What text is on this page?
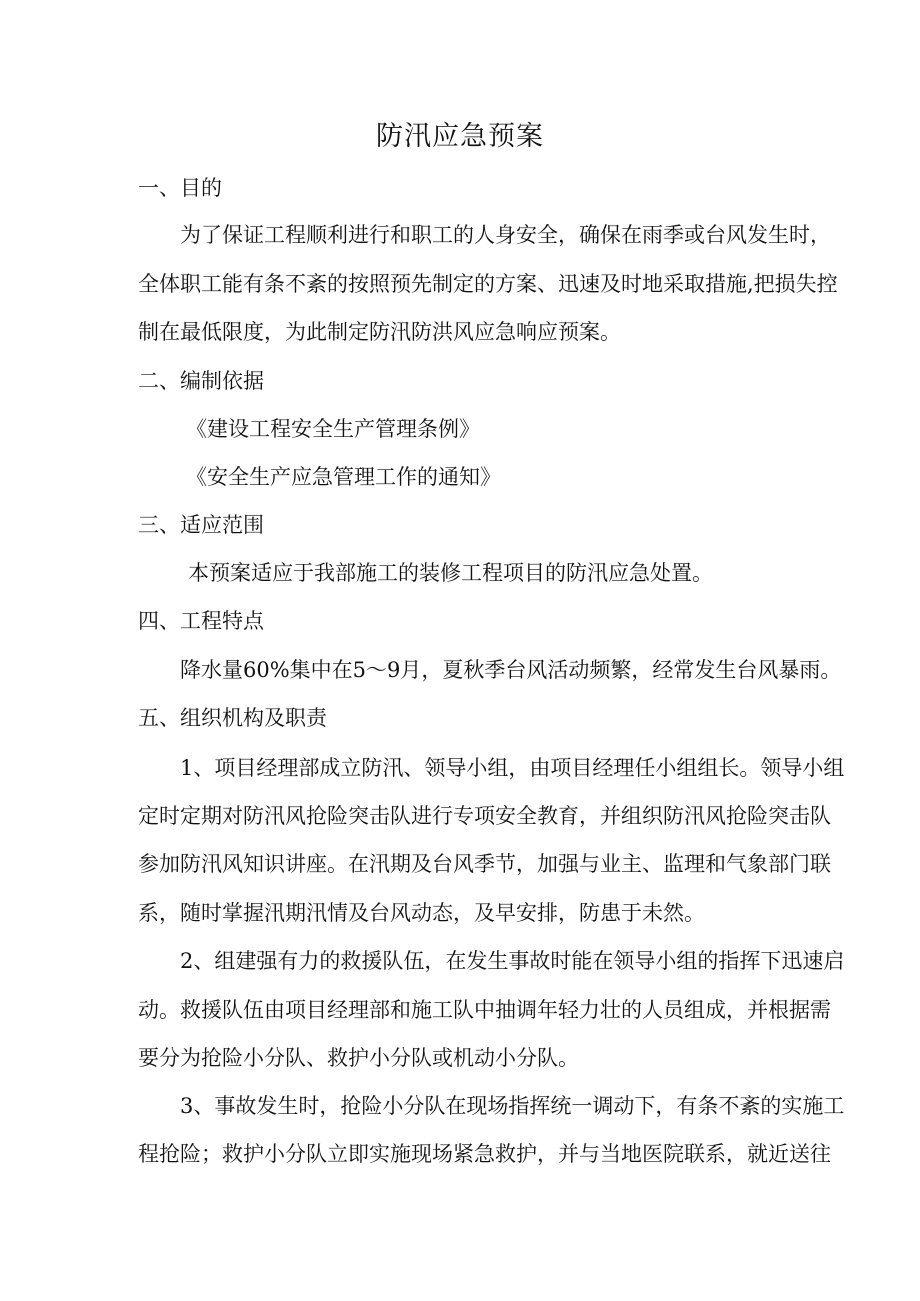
防汛应急预案
一、目的
为了保证工程顺利进行和职工的人身安全，确保在雨季或台风发生时，
全体职工能有条不紊的按照预先制定的方案、迅速及时地采取措施,把损失控
制在最低限度，为此制定防汛防洪风应急响应预案。
二、编制依据
《建设工程安全生产管理条例》
《安全生产应急管理工作的通知》
三、适应范围
本预案适应于我部施工的装修工程项目的防汛应急处置。
四、工程特点
降水量60%集中在5～9月，夏秋季台风活动频繁，经常发生台风暴雨。
五、组织机构及职责
1、项目经理部成立防汛、领导小组，由项目经理任小组组长。领导小组
定时定期对防汛风抢险突击队进行专项安全教育，并组织防汛风抢险突击队
参加防汛风知识讲座。在汛期及台风季节，加强与业主、监理和气象部门联
系，随时掌握汛期汛情及台风动态，及早安排，防患于未然。
2、组建强有力的救援队伍，在发生事故时能在领导小组的指挥下迅速启
动。救援队伍由项目经理部和施工队中抽调年轻力壮的人员组成，并根据需
要分为抢险小分队、救护小分队或机动小分队。
3、事故发生时，抢险小分队在现场指挥统一调动下，有条不紊的实施工
程抢险；救护小分队立即实施现场紧急救护，并与当地医院联系，就近送往
